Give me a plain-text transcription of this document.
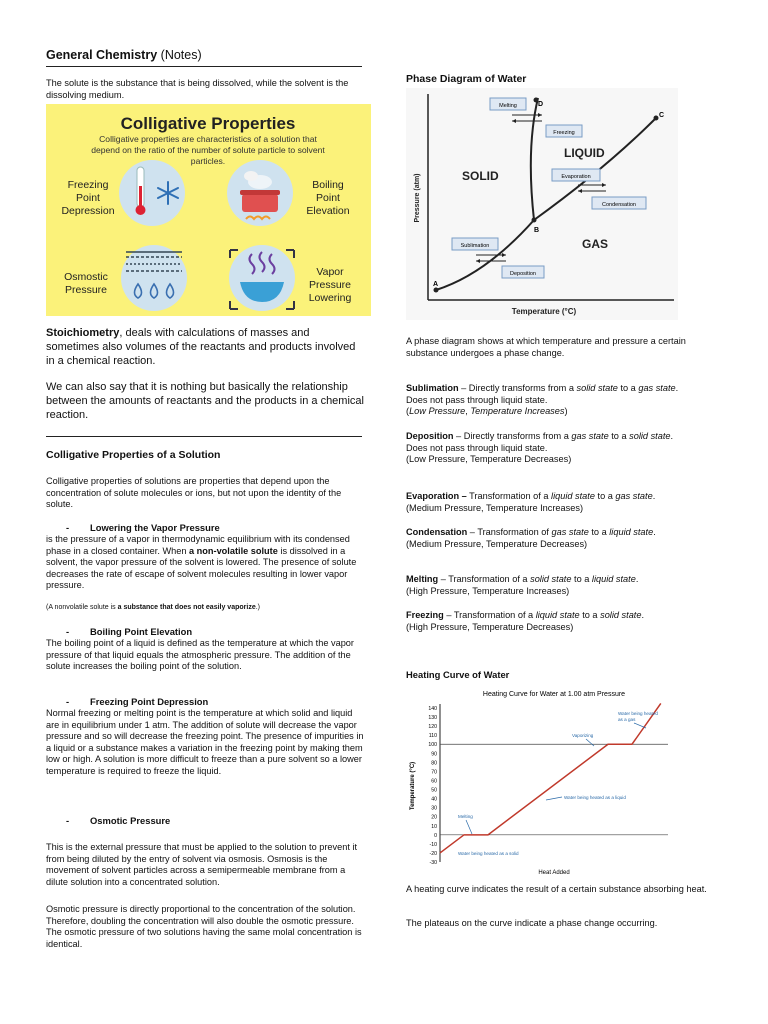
General Chemistry (Notes)
The solute is the substance that is being dissolved, while the solvent is the dissolving medium.
Colligative Properties
Colligative properties are characteristics of a solution that
depend on the ratio of the number of solute particle to solvent
particles.
Freezing
Point
Depression
Boiling
Point
Elevation
Osmostic
Pressure
Vapor
Pressure
Lowering
Stoichiometry, deals with calculations of masses and sometimes also volumes of the reactants and products involved in a chemical reaction.
We can also say that it is nothing but basically the relationship between the amounts of reactants and the products in a chemical reaction.
Colligative Properties of a Solution
Colligative properties of solutions are properties that depend upon the concentration of solute molecules or ions, but not upon the identity of the solute.
- Lowering the Vapor Pressure
is the pressure of a vapor in thermodynamic equilibrium with its condensed phase in a closed container. When a non-volatile solute is dissolved in a solvent, the vapor pressure of the solvent is lowered. The presence of solute decreases the rate of escape of solvent molecules resulting in lower vapor pressure.
(A nonvolatile solute is a substance that does not easily vaporize.)
- Boiling Point Elevation
The boiling point of a liquid is defined as the temperature at which the vapor pressure of that liquid equals the atmospheric pressure. The addition of the solute increases the boiling point of the solution.
- Freezing Point Depression
Normal freezing or melting point is the temperature at which solid and liquid are in equilibrium under 1 atm. The addition of solute will decrease the vapor pressure and so will decrease the freezing point. The presence of impurities in a liquid or a substance makes a variation in the freezing point by making them low or high. A solution is more difficult to freeze than a pure solvent so a lower temperature is required to freeze the liquid.
- Osmotic Pressure
This is the external pressure that must be applied to the solution to prevent it from being diluted by the entry of solvent via osmosis. Osmosis is the movement of solvent particles across a semipermeable membrane from a dilute solution into a concentrated solution.
Osmotic pressure is directly proportional to the concentration of the solution. Therefore, doubling the concentration will also double the osmotic pressure. The osmotic pressure of two solutions having the same molal concentration is identical.
Phase Diagram of Water
Pressure (atm)
Temperature (°C)
A
B
C
D
SOLID
LIQUID
GAS
Melting
Freezing
Evaporation
Condensation
Sublimation
Deposition
A phase diagram shows at which temperature and pressure a certain substance undergoes a phase change.
Sublimation – Directly transforms from a solid state to a gas state.
Does not pass through liquid state.
(Low Pressure, Temperature Increases)
Deposition – Directly transforms from a gas state to a solid state.
Does not pass through liquid state.
(Low Pressure, Temperature Decreases)
Evaporation – Transformation of a liquid state to a gas state.
(Medium Pressure, Temperature Increases)
Condensation – Transformation of gas state to a liquid state.
(Medium Pressure, Temperature Decreases)
Melting – Transformation of a solid state to a liquid state.
(High Pressure, Temperature Increases)
Freezing – Transformation of a liquid state to a solid state.
(High Pressure, Temperature Decreases)
Heating Curve of Water
Heating Curve for Water at 1.00 atm Pressure
-30
-20
-10
0
10
20
30
40
50
60
70
80
90
100
110
120
130
140
Temperature (°C)
Heat Added
Water being heated as a solid
Melting
Water being heated as a liquid
Vaporizing
Water being heated
as a gas
A heating curve indicates the result of a certain substance absorbing heat.
The plateaus on the curve indicate a phase change occurring.
